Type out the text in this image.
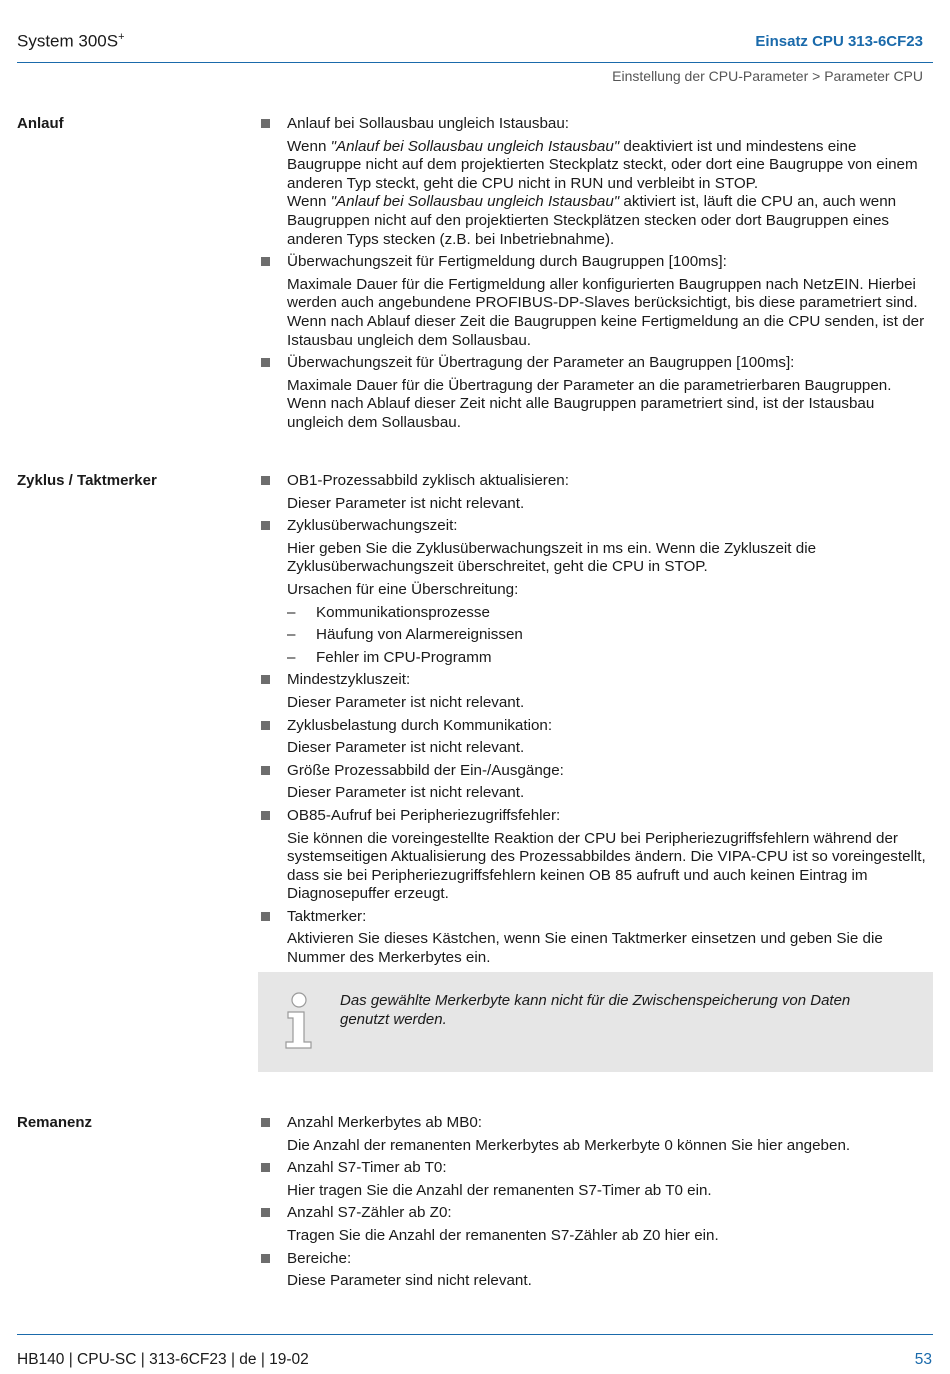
System 300S+	Einsatz CPU 313-6CF23
Einstellung der CPU-Parameter > Parameter CPU
Anlauf	Anlauf bei Sollausbau ungleich Istausbau:
Wenn "Anlauf bei Sollausbau ungleich Istausbau" deaktiviert ist und mindestens eine Baugruppe nicht auf dem projektierten Steckplatz steckt, oder dort eine Baugruppe von einem anderen Typ steckt, geht die CPU nicht in RUN und verbleibt in STOP.
Wenn "Anlauf bei Sollausbau ungleich Istausbau" aktiviert ist, läuft die CPU an, auch wenn Baugruppen nicht auf den projektierten Steckplätzen stecken oder dort Baugruppen eines anderen Typs stecken (z.B. bei Inbetriebnahme).
Überwachungszeit für Fertigmeldung durch Baugruppen [100ms]:
Maximale Dauer für die Fertigmeldung aller konfigurierten Baugruppen nach NetzEIN. Hierbei werden auch angebundene PROFIBUS-DP-Slaves berücksichtigt, bis diese parametriert sind. Wenn nach Ablauf dieser Zeit die Baugruppen keine Fertigmeldung an die CPU senden, ist der Istausbau ungleich dem Sollausbau.
Überwachungszeit für Übertragung der Parameter an Baugruppen [100ms]:
Maximale Dauer für die Übertragung der Parameter an die parametrierbaren Baugruppen. Wenn nach Ablauf dieser Zeit nicht alle Baugruppen parametriert sind, ist der Istausbau ungleich dem Sollausbau.
Zyklus / Taktmerker	OB1-Prozessabbild zyklisch aktualisieren:
Dieser Parameter ist nicht relevant.
Zyklusüberwachungszeit:
Hier geben Sie die Zyklusüberwachungszeit in ms ein. Wenn die Zykluszeit die Zyklusüberwachungszeit überschreitet, geht die CPU in STOP.
Ursachen für eine Überschreitung:
– Kommunikationsprozesse
– Häufung von Alarmereignissen
– Fehler im CPU-Programm
Mindestzykluszeit:
Dieser Parameter ist nicht relevant.
Zyklusbelastung durch Kommunikation:
Dieser Parameter ist nicht relevant.
Größe Prozessabbild der Ein-/Ausgänge:
Dieser Parameter ist nicht relevant.
OB85-Aufruf bei Peripheriezugriffsfehler:
Sie können die voreingestellte Reaktion der CPU bei Peripheriezugriffsfehlern während der systemseitigen Aktualisierung des Prozessabbildes ändern. Die VIPA-CPU ist so voreingestellt, dass sie bei Peripheriezugriffsfehlern keinen OB 85 aufruft und auch keinen Eintrag im Diagnosepuffer erzeugt.
Taktmerker:
Aktivieren Sie dieses Kästchen, wenn Sie einen Taktmerker einsetzen und geben Sie die Nummer des Merkerbytes ein.
Das gewählte Merkerbyte kann nicht für die Zwischenspeicherung von Daten genutzt werden.
Remanenz	Anzahl Merkerbytes ab MB0:
Die Anzahl der remanenten Merkerbytes ab Merkerbyte 0 können Sie hier angeben.
Anzahl S7-Timer ab T0:
Hier tragen Sie die Anzahl der remanenten S7-Timer ab T0 ein.
Anzahl S7-Zähler ab Z0:
Tragen Sie die Anzahl der remanenten S7-Zähler ab Z0 hier ein.
Bereiche:
Diese Parameter sind nicht relevant.
HB140 | CPU-SC | 313-6CF23 | de | 19-02	53
